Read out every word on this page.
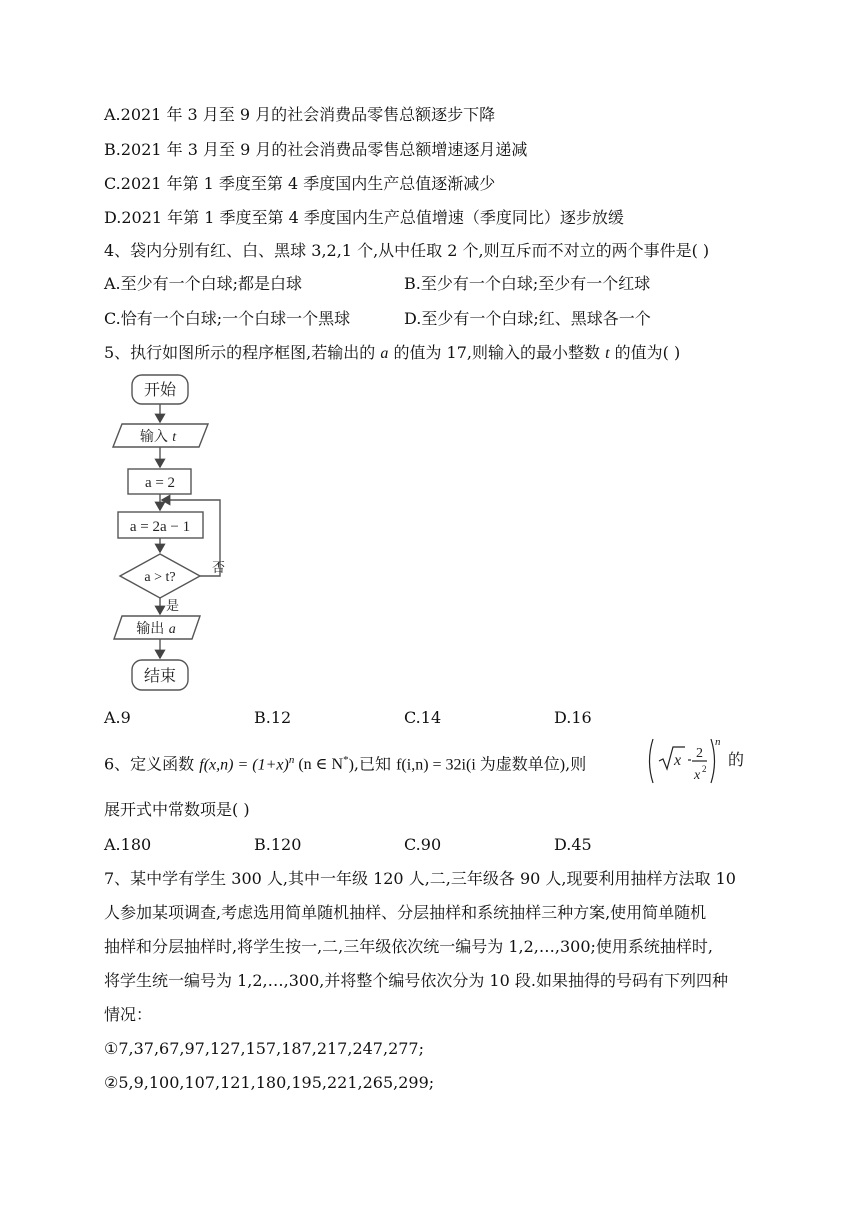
A.2021 年 3 月至 9 月的社会消费品零售总额逐步下降
B.2021 年 3 月至 9 月的社会消费品零售总额增速逐月递减
C.2021 年第 1 季度至第 4 季度国内生产总值逐渐减少
D.2021 年第 1 季度至第 4 季度国内生产总值增速（季度同比）逐步放缓
4、袋内分别有红、白、黑球 3,2,1 个,从中任取 2 个,则互斥而不对立的两个事件是( )
A.至少有一个白球;都是白球	B.至少有一个白球;至少有一个红球
C.恰有一个白球;一个白球一个黑球	D.至少有一个白球;红、黑球各一个
5、执行如图所示的程序框图,若输出的 a 的值为 17,则输入的最小整数 t 的值为( )
开始
输入 t
a = 2
a = 2a − 1
a > t?
否
是
输出 a
结束
A.9	B.12	C.14	D.16
6、定义函数 $f(x,n) = (1+x)^n$ (n ∈ N*),已知 f(i,n) = 32i(i 为虚数单位),则	x 2
x 2
n
的
展开式中常数项是( )
A.180	B.120	C.90	D.45
7、某中学有学生 300 人,其中一年级 120 人,二,三年级各 90 人,现要利用抽样方法取 10
人参加某项调查,考虑选用简单随机抽样、分层抽样和系统抽样三种方案,使用简单随机
抽样和分层抽样时,将学生按一,二,三年级依次统一编号为 1,2,…,300;使用系统抽样时,
将学生统一编号为 1,2,…,300,并将整个编号依次分为 10 段.如果抽得的号码有下列四种
情况：
①7,37,67,97,127,157,187,217,247,277;
②5,9,100,107,121,180,195,221,265,299;
